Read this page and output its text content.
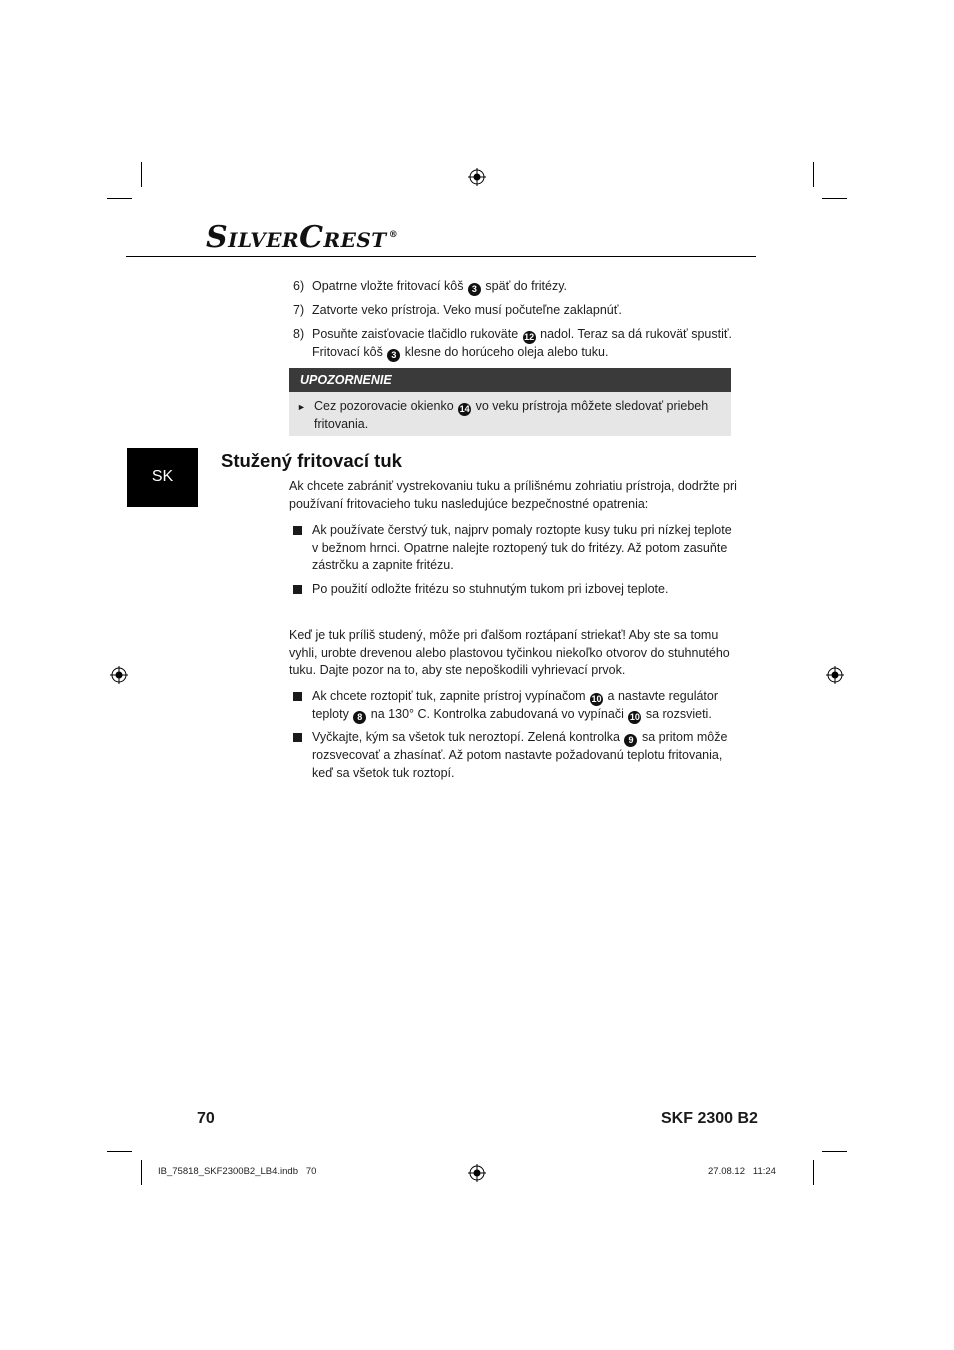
SILVERCREST ®
6) Opatrne vložte fritovací kôš 3 späť do fritézy.
7) Zatvorte veko prístroja. Veko musí počuteľne zaklapnúť.
8) Posuňte zaisťovacie tlačidlo rukoväte 12 nadol. Teraz sa dá rukoväť spustiť.
Fritovací kôš 3 klesne do horúceho oleja alebo tuku.
UPOZORNENIE
► Cez pozorovacie okienko 14 vo veku prístroja môžete sledovať priebeh
fritovania.
SK
Stužený fritovací tuk
Ak chcete zabrániť vystrekovaniu tuku a prílišnému zohriatiu prístroja, dodržte pri
používaní fritovacieho tuku nasledujúce bezpečnostné opatrenia:
Ak používate čerstvý tuk, najprv pomaly roztopte kusy tuku pri nízkej teplote
v bežnom hrnci. Opatrne nalejte roztopený tuk do fritézy. Až potom zasuňte
zástrčku a zapnite fritézu.
Po použití odložte fritézu so stuhnutým tukom pri izbovej teplote.
Keď je tuk príliš studený, môže pri ďalšom roztápaní striekať! Aby ste sa tomu
vyhli, urobte drevenou alebo plastovou tyčinkou niekoľko otvorov do stuhnutého
tuku. Dajte pozor na to, aby ste nepoškodili vyhrievací prvok.
Ak chcete roztopiť tuk, zapnite prístroj vypínačom 10 a nastavte regulátor
teploty 8 na 130° C. Kontrolka zabudovaná vo vypínači 10 sa rozsvieti.
Vyčkajte, kým sa všetok tuk neroztopí. Zelená kontrolka 9 sa pritom môže
rozsvecovať a zhasínať. Až potom nastavte požadovanú teplotu fritovania,
keď sa všetok tuk roztopí.
70	SKF 2300 B2
IB_75818_SKF2300B2_LB4.indb   70	27.08.12   11:24
